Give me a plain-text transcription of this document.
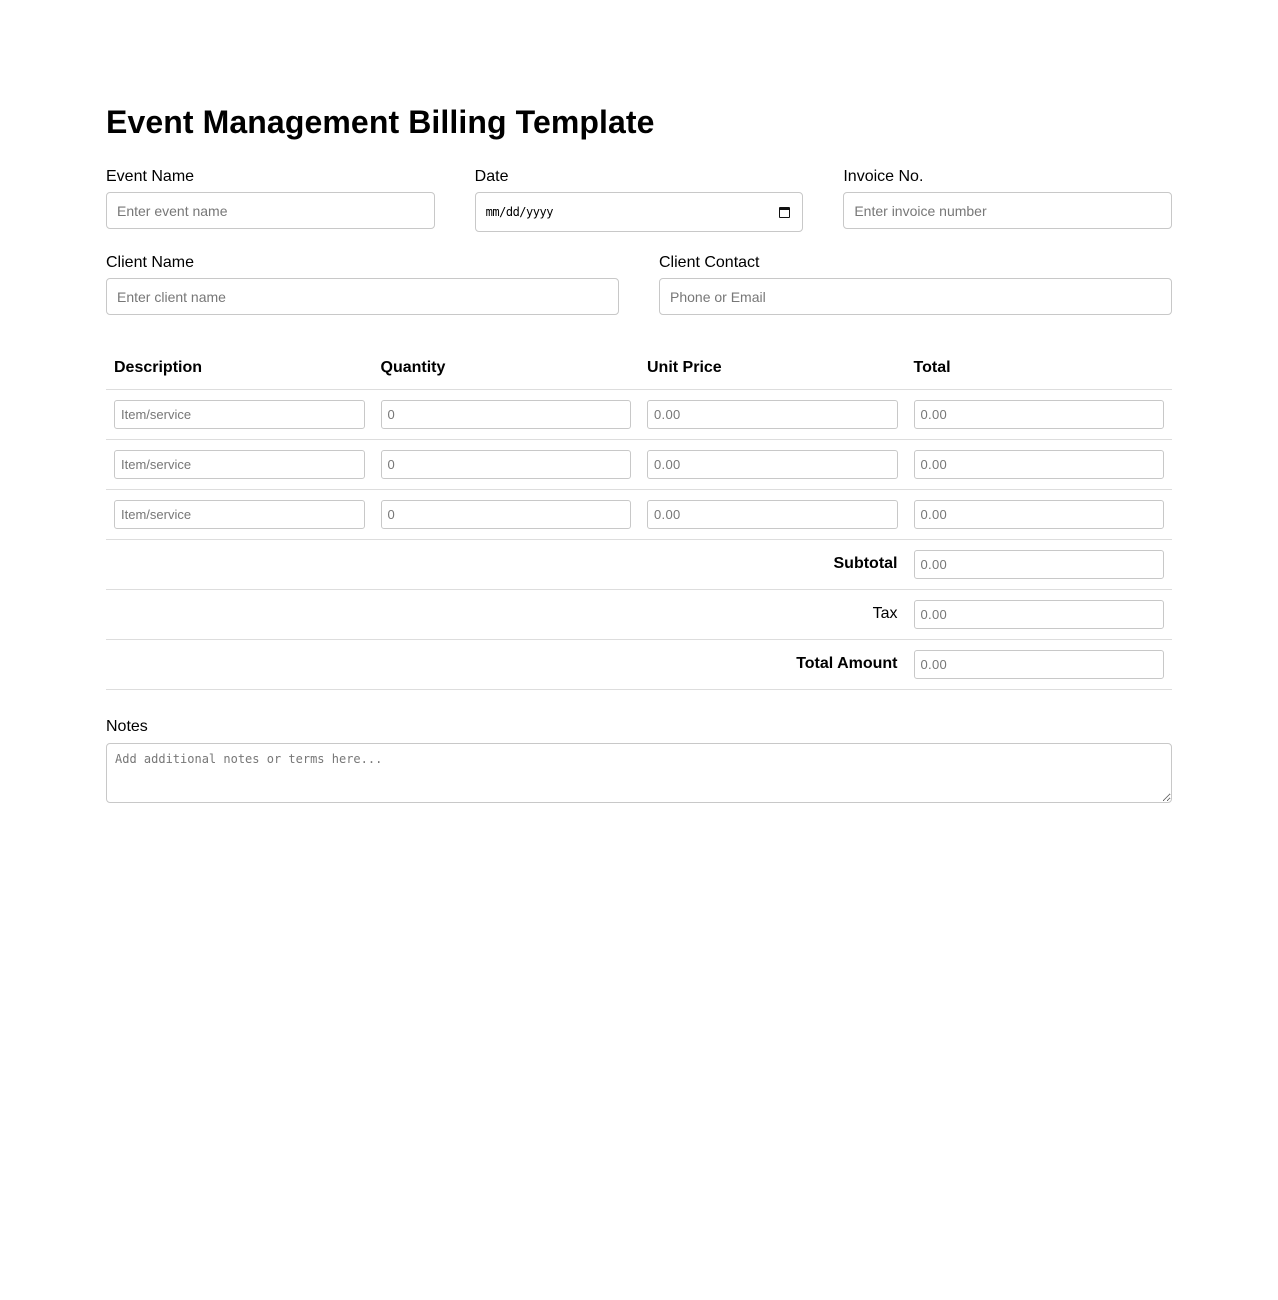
Event Management Billing Template
Event Name
Enter event name	Date
mm/dd/yyyy
Invoice No.
Enter invoice number
Client Name
Enter client name	Client Contact
Phone or Email
Description	Quantity	Unit Price	Total
Item/service	0	0.00	0.00
Item/service	0	0.00	0.00
Item/service	0	0.00	0.00
Subtotal	0.00
Tax	0.00
Total Amount	0.00
Notes
Add additional notes or terms here...
